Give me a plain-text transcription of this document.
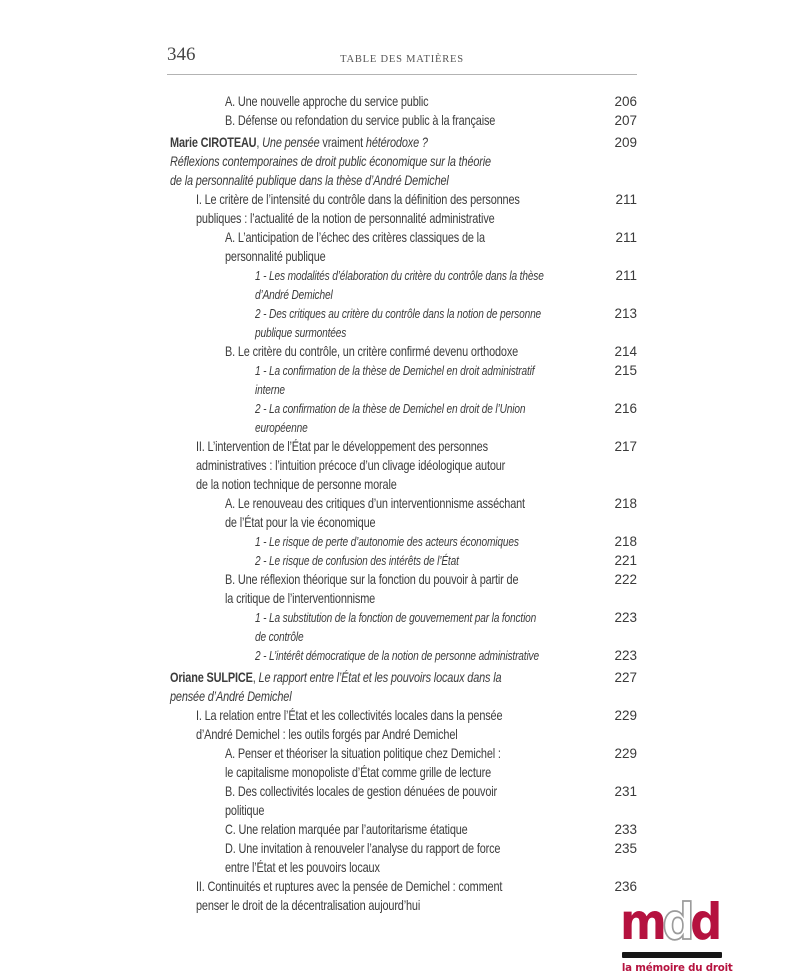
346	TABLE DES MATIÈRES
A. Une nouvelle approche du service public	206
B. Défense ou refondation du service public à la française	207
Marie CIROTEAU, Une pensée vraiment hétérodoxe ?	209
Réflexions contemporaines de droit public économique sur la théorie
de la personnalité publique dans la thèse d’André Demichel
I. Le critère de l’intensité du contrôle dans la définition des personnes	211
publiques : l’actualité de la notion de personnalité administrative
A. L’anticipation de l’échec des critères classiques de la	211
personnalité publique
1 - Les modalités d’élaboration du critère du contrôle dans la thèse	211
d’André Demichel
2 - Des critiques au critère du contrôle dans la notion de personne	213
publique surmontées
B. Le critère du contrôle, un critère confirmé devenu orthodoxe	214
1 - La confirmation de la thèse de Demichel en droit administratif	215
interne
2 - La confirmation de la thèse de Demichel en droit de l’Union	216
européenne
II. L’intervention de l’État par le développement des personnes	217
administratives : l’intuition précoce d’un clivage idéologique autour
de la notion technique de personne morale
A. Le renouveau des critiques d’un interventionnisme asséchant	218
de l’État pour la vie économique
1 - Le risque de perte d’autonomie des acteurs économiques	218
2 - Le risque de confusion des intérêts de l’État	221
B. Une réflexion théorique sur la fonction du pouvoir à partir de	222
la critique de l’interventionnisme
1 - La substitution de la fonction de gouvernement par la fonction	223
de contrôle
2 - L’intérêt démocratique de la notion de personne administrative	223
Oriane SULPICE, Le rapport entre l’État et les pouvoirs locaux dans la	227
pensée d’André Demichel
I. La relation entre l’État et les collectivités locales dans la pensée	229
d’André Demichel : les outils forgés par André Demichel
A. Penser et théoriser la situation politique chez Demichel :	229
le capitalisme monopoliste d’État comme grille de lecture
B. Des collectivités locales de gestion dénuées de pouvoir	231
politique
C. Une relation marquée par l’autoritarisme étatique	233
D. Une invitation à renouveler l’analyse du rapport de force	235
entre l’État et les pouvoirs locaux
II. Continuités et ruptures avec la pensée de Demichel : comment	236
penser le droit de la décentralisation aujourd’hui	mdd
la mémoire du droit
